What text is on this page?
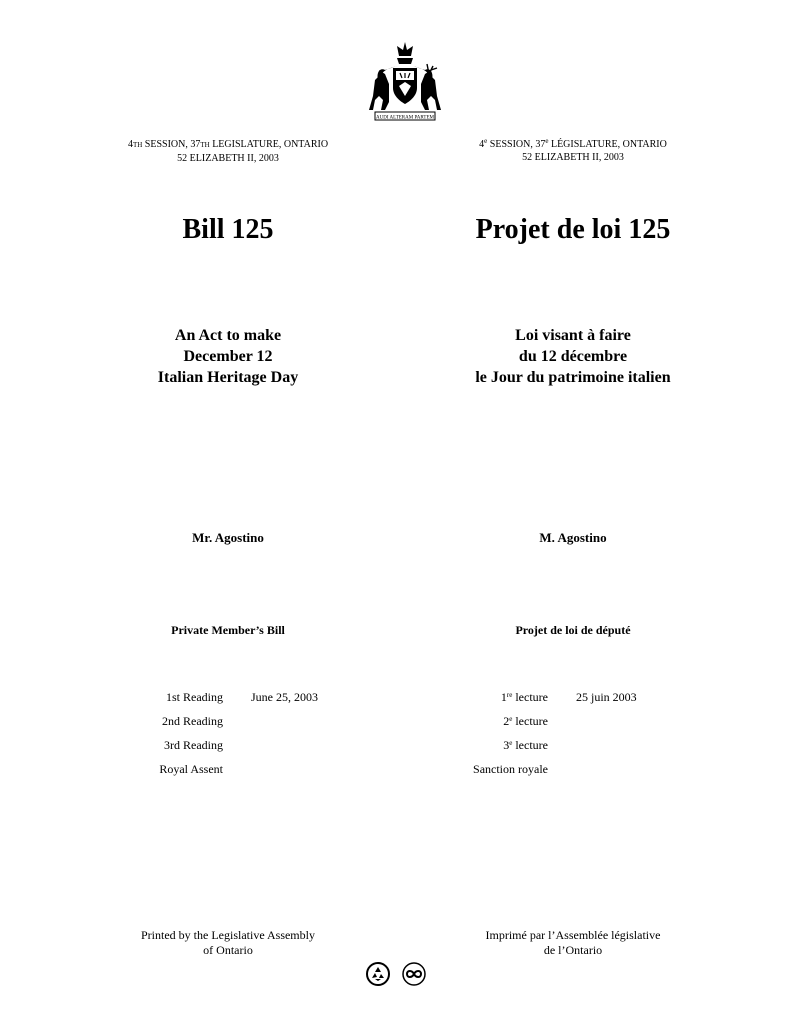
AUDI ALTERAM PARTEM
4TH SESSION, 37TH LEGISLATURE, ONTARIO
52 ELIZABETH II, 2003
4e SESSION, 37e LÉGISLATURE, ONTARIO
52 ELIZABETH II, 2003
Bill 125	Projet de loi 125
An Act to make
December 12
Italian Heritage Day
Loi visant à faire
du 12 décembre
le Jour du patrimoine italien
Mr. Agostino	M. Agostino
Private Member’s Bill	Projet de loi de député
1st Reading June 25, 2003
2nd Reading
3rd Reading
Royal Assent
1re lecture 25 juin 2003
2e lecture
3e lecture
Sanction royale
Printed by the Legislative Assembly
of Ontario
Imprimé par l’Assemblée législative
de l’Ontario
